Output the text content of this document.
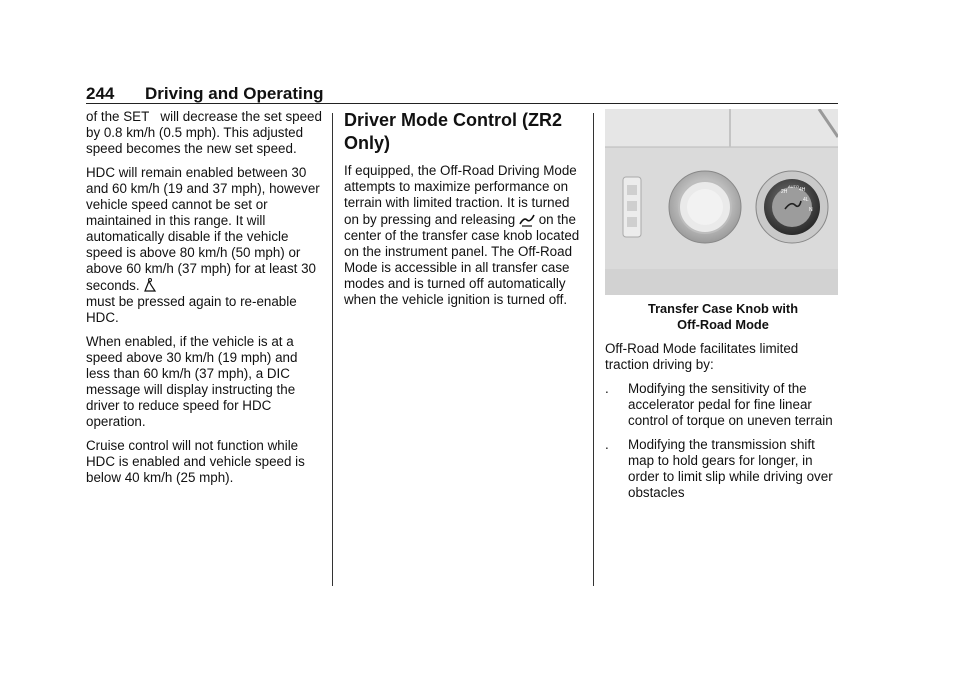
244	Driving and Operating

of the SET   will decrease the set speed by 0.8 km/h (0.5 mph). This adjusted speed becomes the new set speed.

HDC will remain enabled between 30 and 60 km/h (19 and 37 mph), however vehicle speed cannot be set or maintained in this range. It will automatically disable if the vehicle speed is above 80 km/h (50 mph) or above 60 km/h (37 mph) for at least 30 seconds.
must be pressed again to re-enable HDC.

When enabled, if the vehicle is at a speed above 30 km/h (19 mph) and less than 60 km/h (37 mph), a DIC message will display instructing the driver to reduce speed for HDC operation.

Cruise control will not function while HDC is enabled and vehicle speed is below 40 km/h (25 mph).

Driver Mode Control (ZR2 Only)

If equipped, the Off-Road Driving Mode attempts to maximize performance on terrain with limited traction. It is turned on by pressing and releasing on the center of the transfer case knob located on the instrument panel. The Off-Road Mode is accessible in all transfer case modes and is turned off automatically when the vehicle ignition is turned off.

2H
AUTO
4H
4L
N
Transfer Case Knob with
Off-Road Mode

Off-Road Mode facilitates limited traction driving by:

. Modifying the sensitivity of the accelerator pedal for fine linear control of torque on uneven terrain
. Modifying the transmission shift map to hold gears for longer, in order to limit slip while driving over obstacles
